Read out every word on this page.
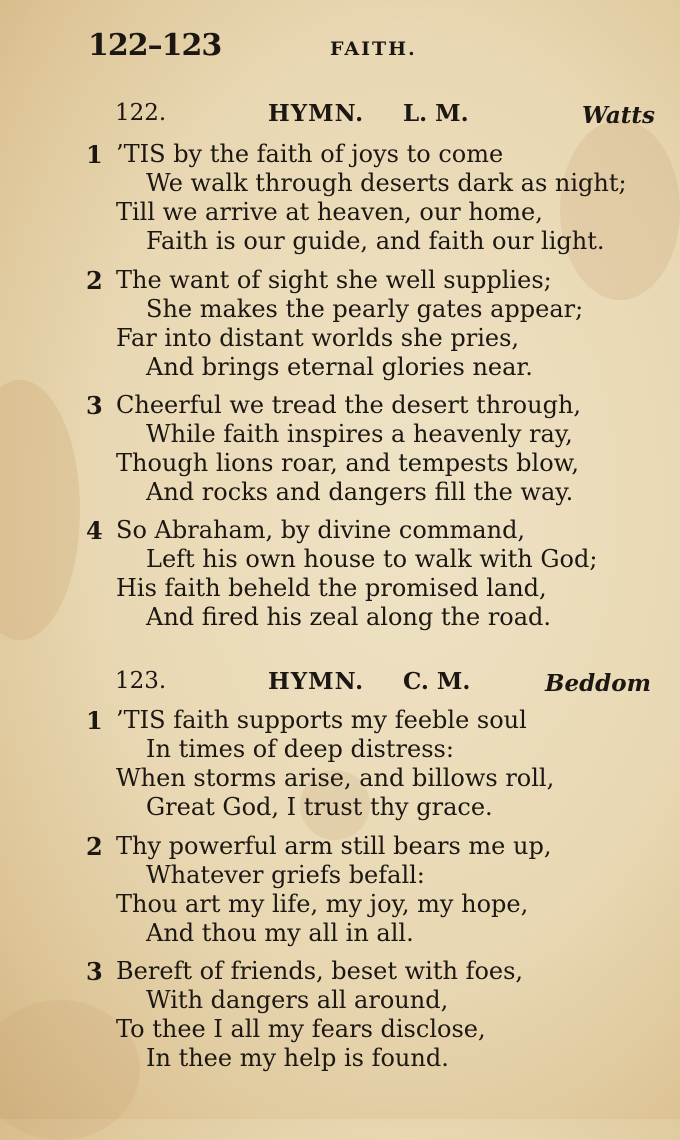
122–123	FAITH.
122.	HYMN. L. M.	Watts
1 ’TIS by the faith of joys to come
We walk through deserts dark as night;
Till we arrive at heaven, our home,
Faith is our guide, and faith our light.
2 The want of sight she well supplies;
She makes the pearly gates appear;
Far into distant worlds she pries,
And brings eternal glories near.
3 Cheerful we tread the desert through,
While faith inspires a heavenly ray,
Though lions roar, and tempests blow,
And rocks and dangers fill the way.
4 So Abraham, by divine command,
Left his own house to walk with God;
His faith beheld the promised land,
And fired his zeal along the road.
123.	HYMN. C. M.	Beddom
1 ’TIS faith supports my feeble soul
In times of deep distress:
When storms arise, and billows roll,
Great God, I trust thy grace.
2 Thy powerful arm still bears me up,
Whatever griefs befall:
Thou art my life, my joy, my hope,
And thou my all in all.
3 Bereft of friends, beset with foes,
With dangers all around,
To thee I all my fears disclose,
In thee my help is found.
